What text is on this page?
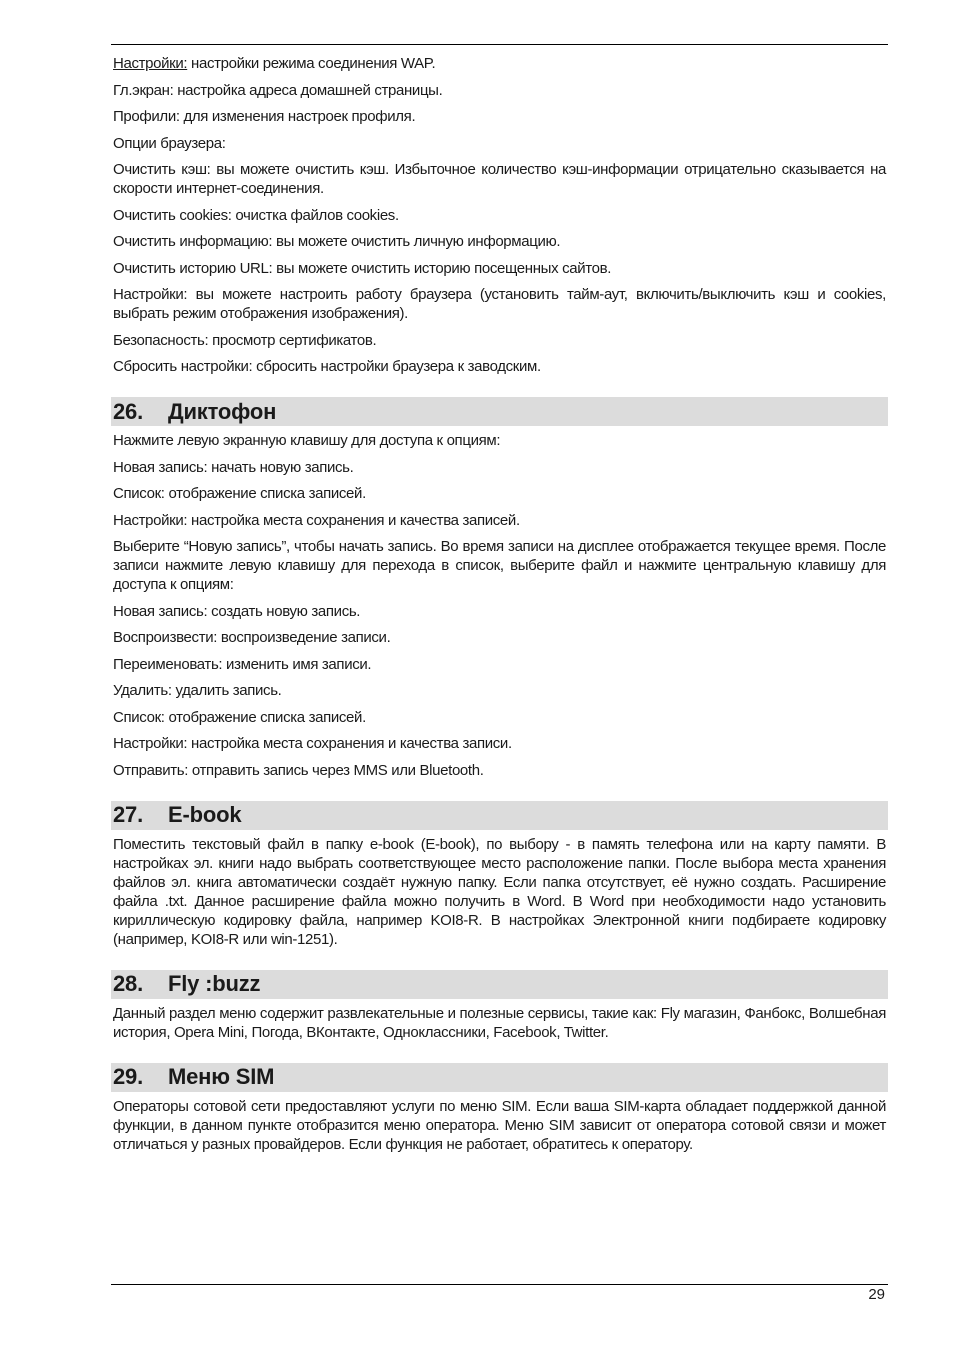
Настройки: настройки режима соединения WAP.

Гл.экран: настройка адреса домашней страницы.

Профили: для изменения настроек профиля.

Опции браузера:

Очистить кэш: вы можете очистить кэш. Избыточное количество кэш-информации отрицательно сказывается на скорости интернет-соединения.

Очистить cookies: очистка файлов cookies.

Очистить информацию: вы можете очистить личную информацию.

Очистить историю URL: вы можете очистить историю посещенных сайтов.

Настройки: вы можете настроить работу браузера (установить тайм-аут, включить/выключить кэш и cookies, выбрать режим отображения изображения).

Безопасность: просмотр сертификатов.

Сбросить настройки: сбросить настройки браузера к заводским.

26.	Диктофон

Нажмите левую экранную клавишу для доступа к опциям:

Новая запись: начать новую запись.

Список: отображение списка записей.

Настройки: настройка места сохранения и качества записей.

Выберите “Новую запись”, чтобы начать запись. Во время записи на дисплее отображается текущее время. После записи нажмите левую клавишу для перехода в список, выберите файл и нажмите центральную клавишу для доступа к опциям:

Новая запись: создать новую запись.

Воспроизвести: воспроизведение записи.

Переименовать: изменить имя записи.

Удалить: удалить запись.

Список: отображение списка записей.

Настройки: настройка места сохранения и качества записи.

Отправить: отправить запись через MMS или Bluetooth.

27.	E-book

Поместить текстовый файл в папку e-book (E-book), по выбору - в память телефона или на карту памяти. В настройках эл. книги надо выбрать соответствующее место расположение папки. После выбора места хранения файлов эл. книга автоматически создаёт нужную папку. Если папка отсутствует, её нужно создать. Расширение файла .txt. Данное расширение файла можно получить в Word. В Word при необходимости надо установить кириллическую кодировку файла, например KOI8-R. В настройках Электронной книги подбираете кодировку (например, KOI8-R или win-1251).

28.	Fly :buzz

Данный раздел меню содержит развлекательные и полезные сервисы, такие как: Fly магазин, Фанбокс, Волшебная история, Opera Mini, Погода, ВКонтакте, Одноклассники, Facebook, Twitter.

29.	Меню SIM

Операторы сотовой сети предоставляют услуги по меню SIM. Если ваша SIM-карта обладает поддержкой данной функции, в данном пункте отобразится меню оператора. Меню SIM зависит от оператора сотовой связи и может отличаться у разных провайдеров. Если функция не работает, обратитесь к оператору.

29
